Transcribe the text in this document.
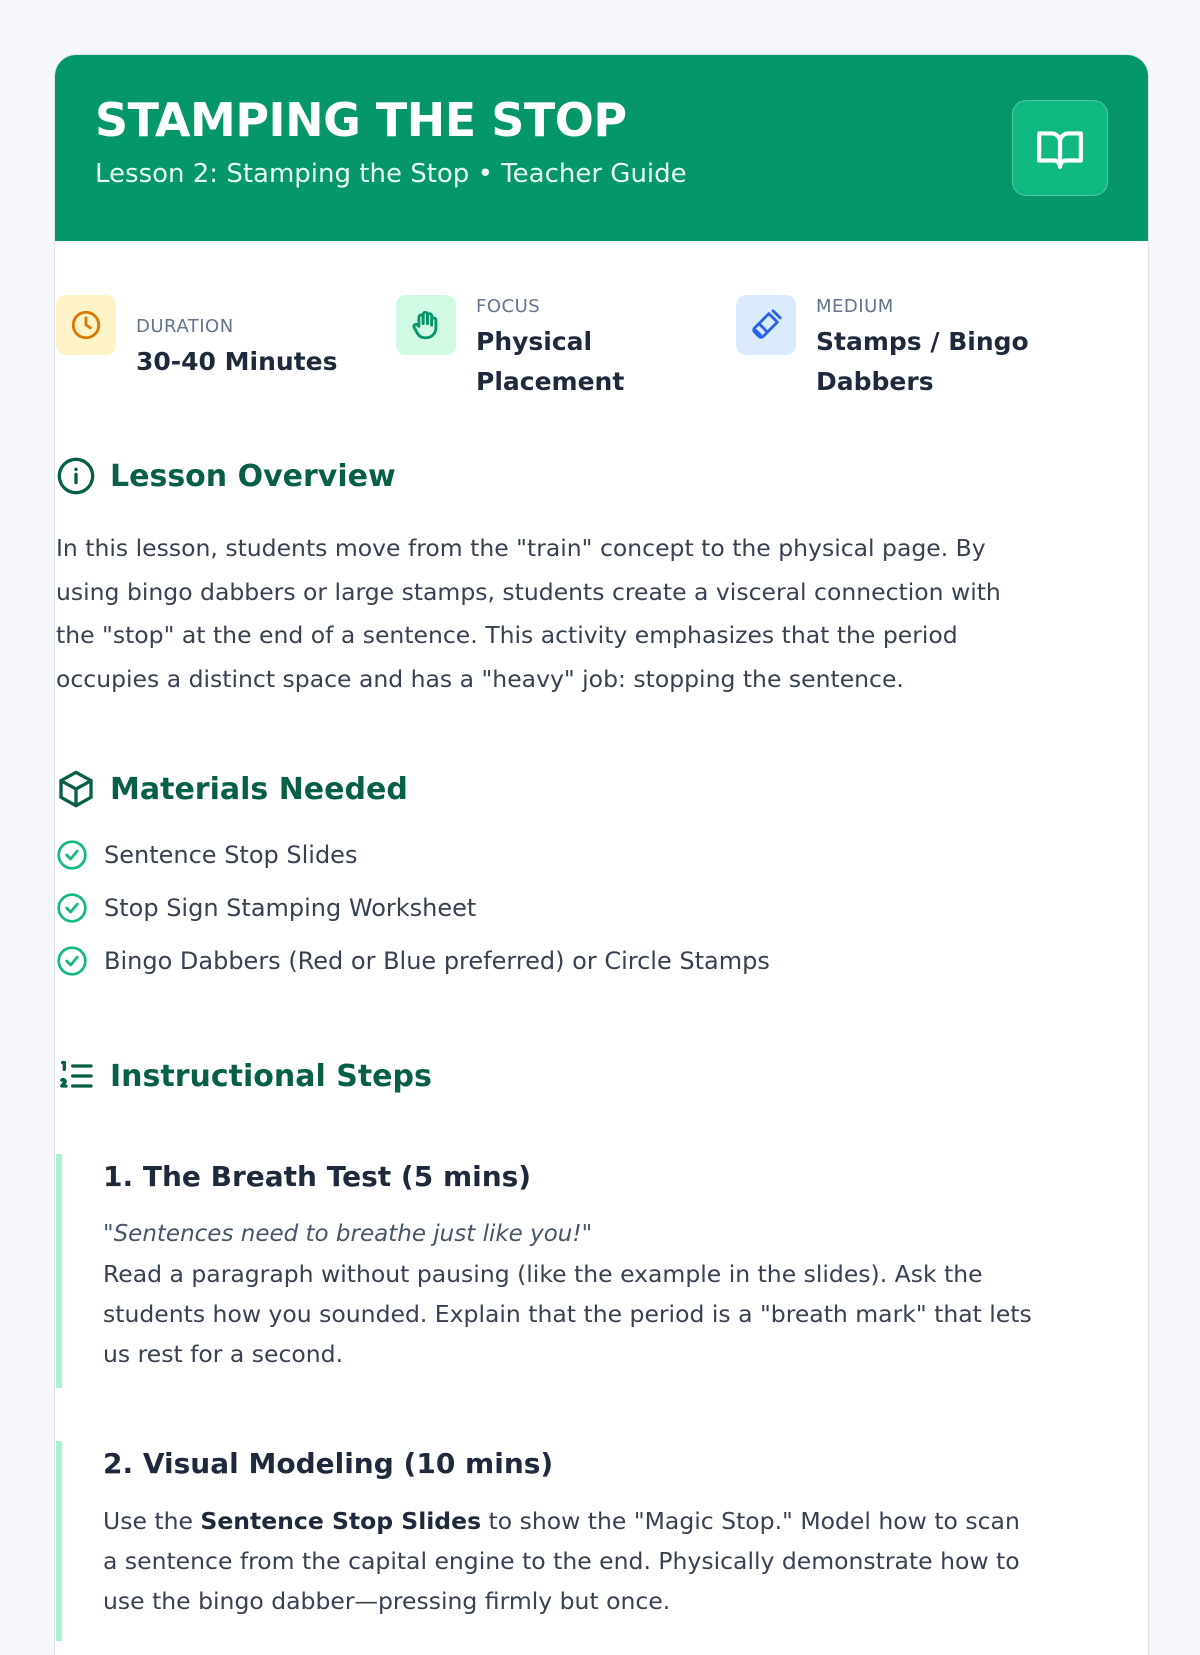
STAMPING THE STOP
Lesson 2: Stamping the Stop • Teacher Guide
DURATION
30-40 Minutes
FOCUS
Physical Placement
MEDIUM
Stamps / Bingo Dabbers
Lesson Overview
In this lesson, students move from the "train" concept to the physical page. By using bingo dabbers or large stamps, students create a visceral connection with the "stop" at the end of a sentence. This activity emphasizes that the period occupies a distinct space and has a "heavy" job: stopping the sentence.
Materials Needed
Sentence Stop Slides
Stop Sign Stamping Worksheet
Bingo Dabbers (Red or Blue preferred) or Circle Stamps
Instructional Steps
1. The Breath Test (5 mins)
"Sentences need to breathe just like you!"
Read a paragraph without pausing (like the example in the slides). Ask the students how you sounded. Explain that the period is a "breath mark" that lets us rest for a second.
2. Visual Modeling (10 mins)
Use the Sentence Stop Slides to show the "Magic Stop." Model how to scan a sentence from the capital engine to the end. Physically demonstrate how to use the bingo dabber—pressing firmly but once.
